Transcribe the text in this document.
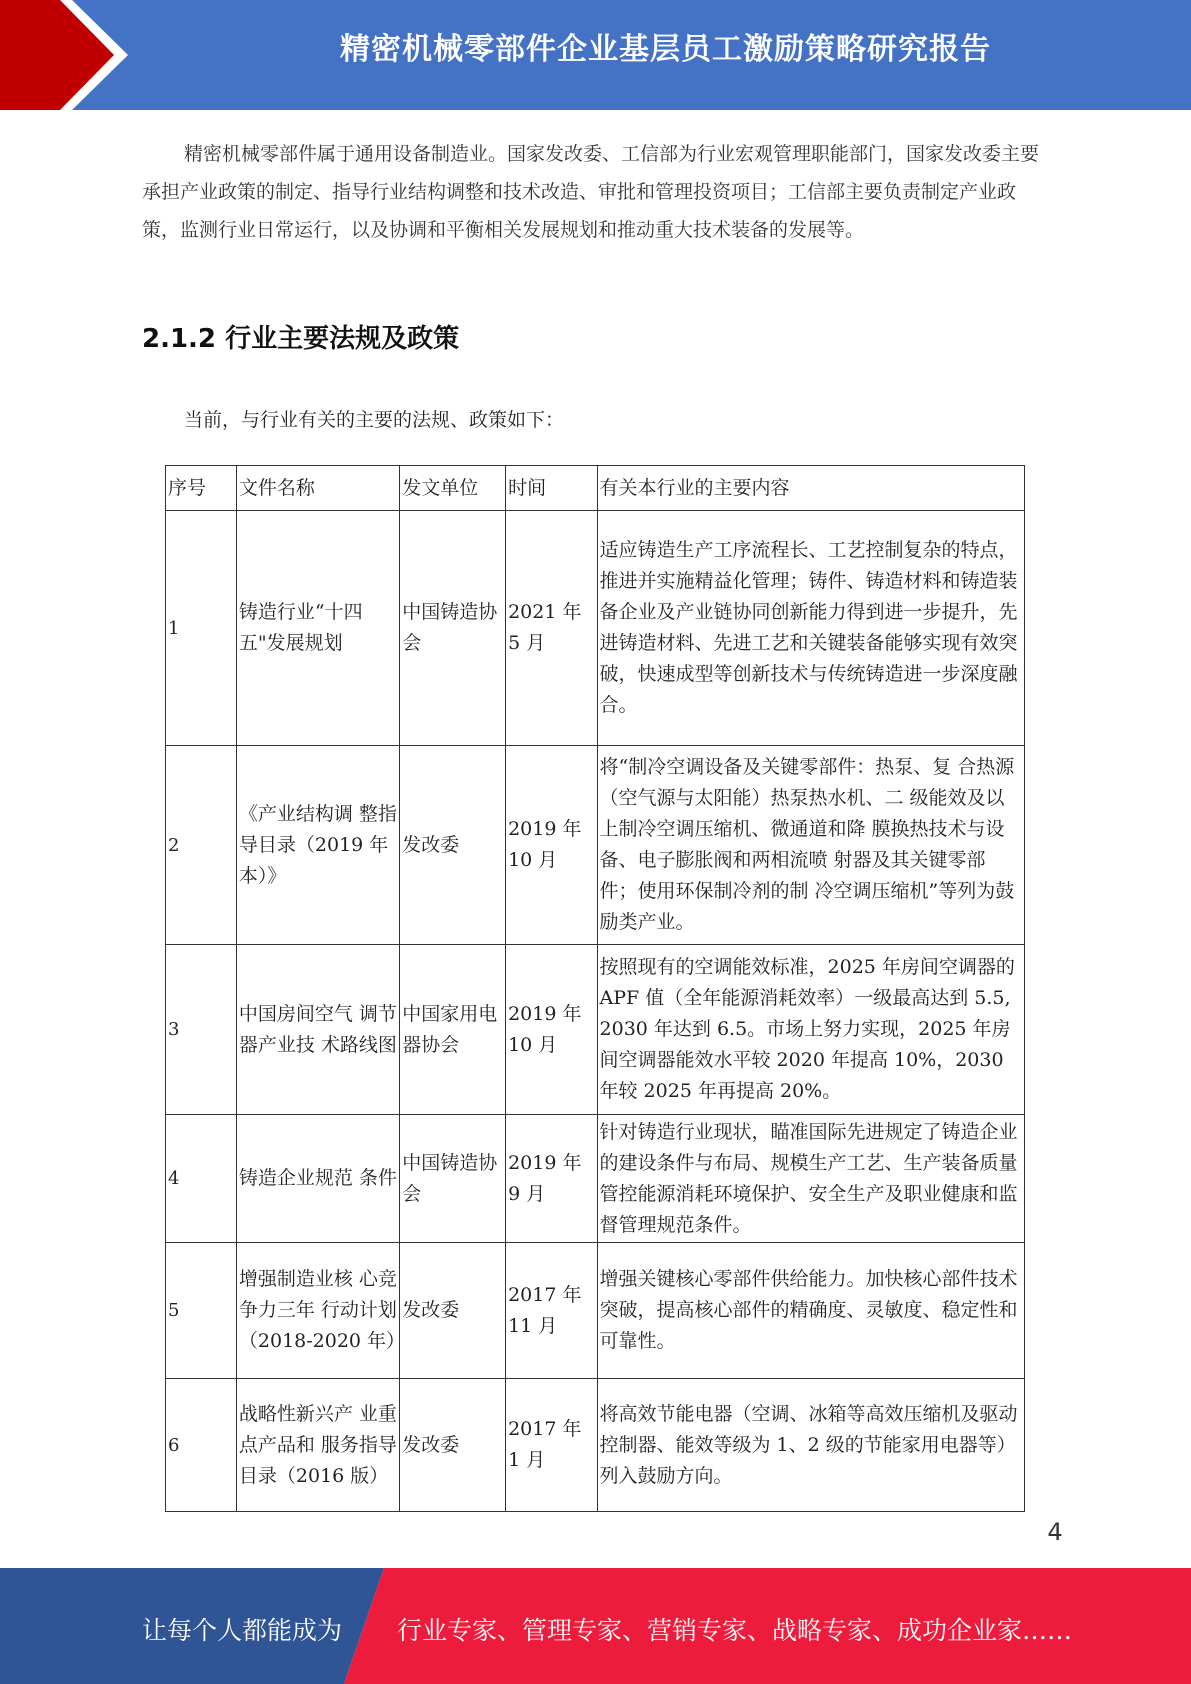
精密机械零部件企业基层员工激励策略研究报告

精密机械零部件属于通用设备制造业。国家发改委、工信部为行业宏观管理职能部门，国家发改委主要承担产业政策的制定、指导行业结构调整和技术改造、审批和管理投资项目；工信部主要负责制定产业政策，监测行业日常运行，以及协调和平衡相关发展规划和推动重大技术装备的发展等。

2.1.2 行业主要法规及政策

当前，与行业有关的主要的法规、政策如下：

序号	文件名称	发文单位	时间	有关本行业的主要内容
1	铸造行业“十四五"发展规划	中国铸造协会	2021 年 5 月	适应铸造生产工序流程长、工艺控制复杂的特点，推进并实施精益化管理；铸件、铸造材料和铸造装备企业及产业链协同创新能力得到进一步提升，先进铸造材料、先进工艺和关键装备能够实现有效突破，快速成型等创新技术与传统铸造进一步深度融合。
2	《产业结构调 整指导目录（2019 年本）》	发改委	2019 年 10 月	将“制冷空调设备及关键零部件：热泵、复 合热源（空气源与太阳能）热泵热水机、二 级能效及以上制冷空调压缩机、微通道和降 膜换热技术与设备、电子膨胀阀和两相流喷 射器及其关键零部件；使用环保制冷剂的制 冷空调压缩机”等列为鼓励类产业。
3	中国房间空气 调节器产业技 术路线图	中国家用电器协会	2019 年 10 月	按照现有的空调能效标准，2025 年房间空调器的 APF 值（全年能源消耗效率）一级最高达到 5.5, 2030 年达到 6.5。市场上努力实现，2025 年房间空调器能效水平较 2020 年提高 10%，2030 年较 2025 年再提高 20%。
4	铸造企业规范 条件	中国铸造协会	2019 年 9 月	针对铸造行业现状，瞄准国际先进规定了铸造企业的建设条件与布局、规模生产工艺、生产装备质量管控能源消耗环境保护、安全生产及职业健康和监督管理规范条件。
5	增强制造业核 心竞争力三年 行动计划（2018-2020 年）	发改委	2017 年 11 月	增强关键核心零部件供给能力。加快核心部件技术突破，提高核心部件的精确度、灵敏度、稳定性和可靠性。
6	战略性新兴产 业重点产品和 服务指导目录（2016 版）	发改委	2017 年 1 月	将高效节能电器（空调、冰箱等高效压缩机及驱动控制器、能效等级为 1、2 级的节能家用电器等）列入鼓励方向。
4
让每个人都能成为 行业专家、管理专家、营销专家、战略专家、成功企业家……
